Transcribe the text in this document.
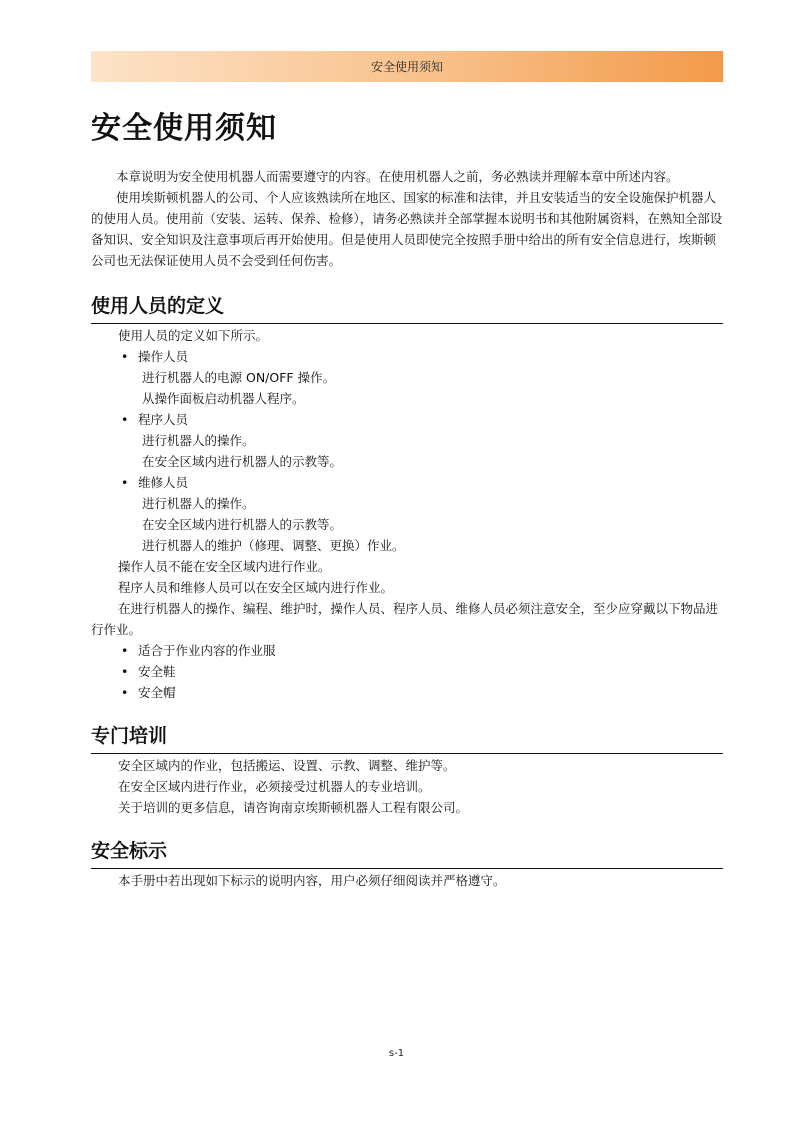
安全使用须知
安全使用须知

本章说明为安全使用机器人而需要遵守的内容。在使用机器人之前，务必熟读并理解本章中所述内容。

使用埃斯顿机器人的公司、个人应该熟读所在地区、国家的标准和法律，并且安装适当的安全设施保护机器人的使用人员。使用前（安装、运转、保养、检修），请务必熟读并全部掌握本说明书和其他附属资料，在熟知全部设备知识、安全知识及注意事项后再开始使用。但是使用人员即使完全按照手册中给出的所有安全信息进行，埃斯顿公司也无法保证使用人员不会受到任何伤害。

使用人员的定义

使用人员的定义如下所示。

• 操作人员

进行机器人的电源 ON/OFF 操作。

从操作面板启动机器人程序。

• 程序人员

进行机器人的操作。

在安全区域内进行机器人的示教等。

• 维修人员

进行机器人的操作。

在安全区域内进行机器人的示教等。

进行机器人的维护（修理、调整、更换）作业。

操作人员不能在安全区域内进行作业。

程序人员和维修人员可以在安全区域内进行作业。

在进行机器人的操作、编程、维护时，操作人员、程序人员、维修人员必须注意安全，至少应穿戴以下物品进行作业。

• 适合于作业内容的作业服
• 安全鞋
• 安全帽
专门培训

安全区域内的作业，包括搬运、设置、示教、调整、维护等。

在安全区域内进行作业，必须接受过机器人的专业培训。

关于培训的更多信息，请咨询南京埃斯顿机器人工程有限公司。

安全标示

本手册中若出现如下标示的说明内容，用户必须仔细阅读并严格遵守。

s-1
